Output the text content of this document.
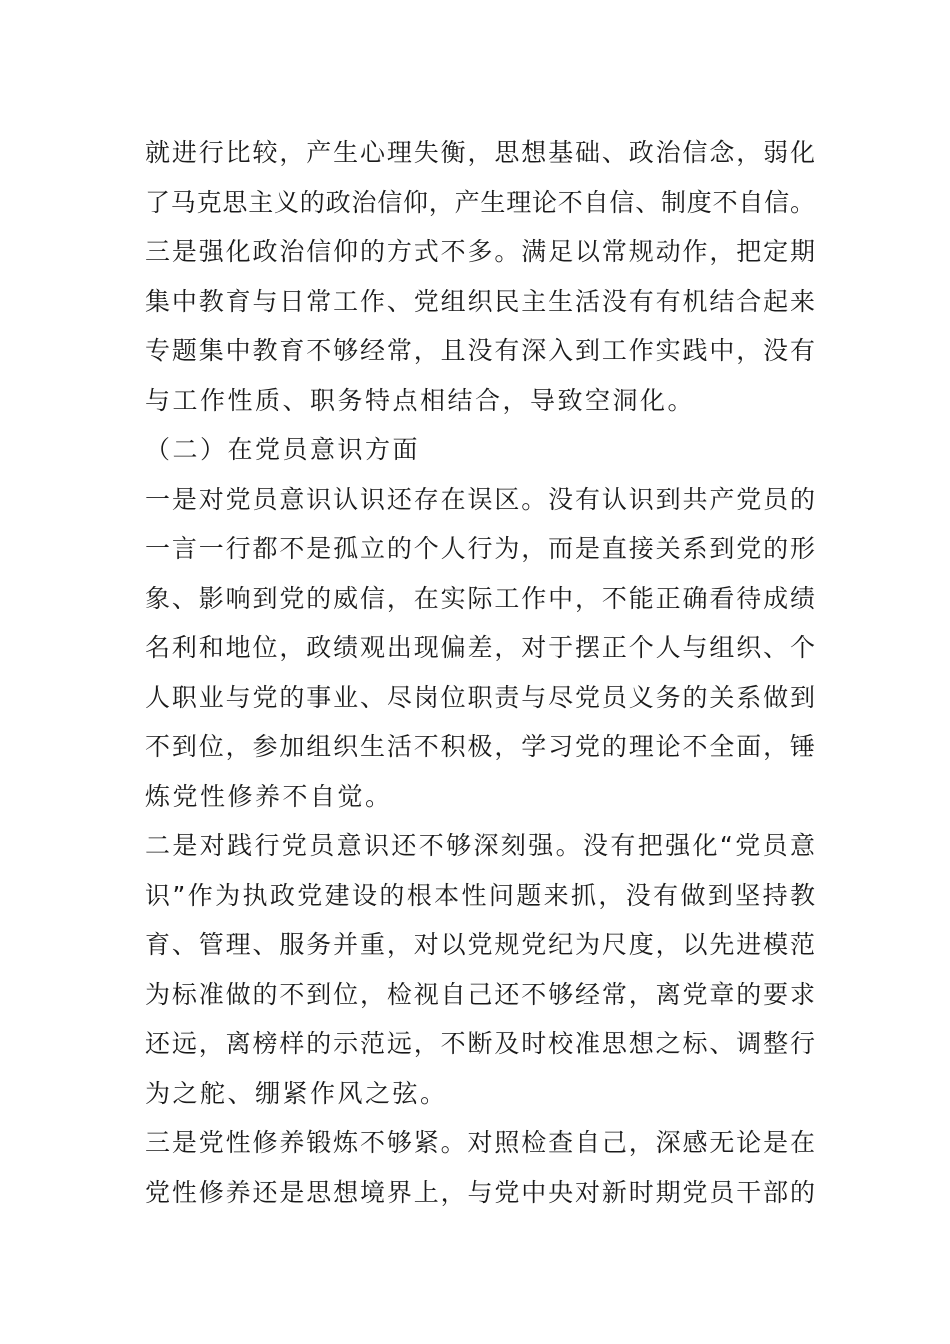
就进行比较，产生心理失衡，思想基础、政治信念，弱化
了马克思主义的政治信仰，产生理论不自信、制度不自信。
三是强化政治信仰的方式不多。满足以常规动作，把定期
集中教育与日常工作、党组织民主生活没有有机结合起来
专题集中教育不够经常，且没有深入到工作实践中，没有
与工作性质、职务特点相结合，导致空洞化。
（二）在党员意识方面
一是对党员意识认识还存在误区。没有认识到共产党员的
一言一行都不是孤立的个人行为，而是直接关系到党的形
象、影响到党的威信，在实际工作中，不能正确看待成绩
名利和地位，政绩观出现偏差，对于摆正个人与组织、个
人职业与党的事业、尽岗位职责与尽党员义务的关系做到
不到位，参加组织生活不积极，学习党的理论不全面，锤
炼党性修养不自觉。
二是对践行党员意识还不够深刻强。没有把强化“党员意
识”作为执政党建设的根本性问题来抓，没有做到坚持教
育、管理、服务并重，对以党规党纪为尺度，以先进模范
为标准做的不到位，检视自己还不够经常，离党章的要求
还远，离榜样的示范远，不断及时校准思想之标、调整行
为之舵、绷紧作风之弦。
三是党性修养锻炼不够紧。对照检查自己，深感无论是在
党性修养还是思想境界上，与党中央对新时期党员干部的
